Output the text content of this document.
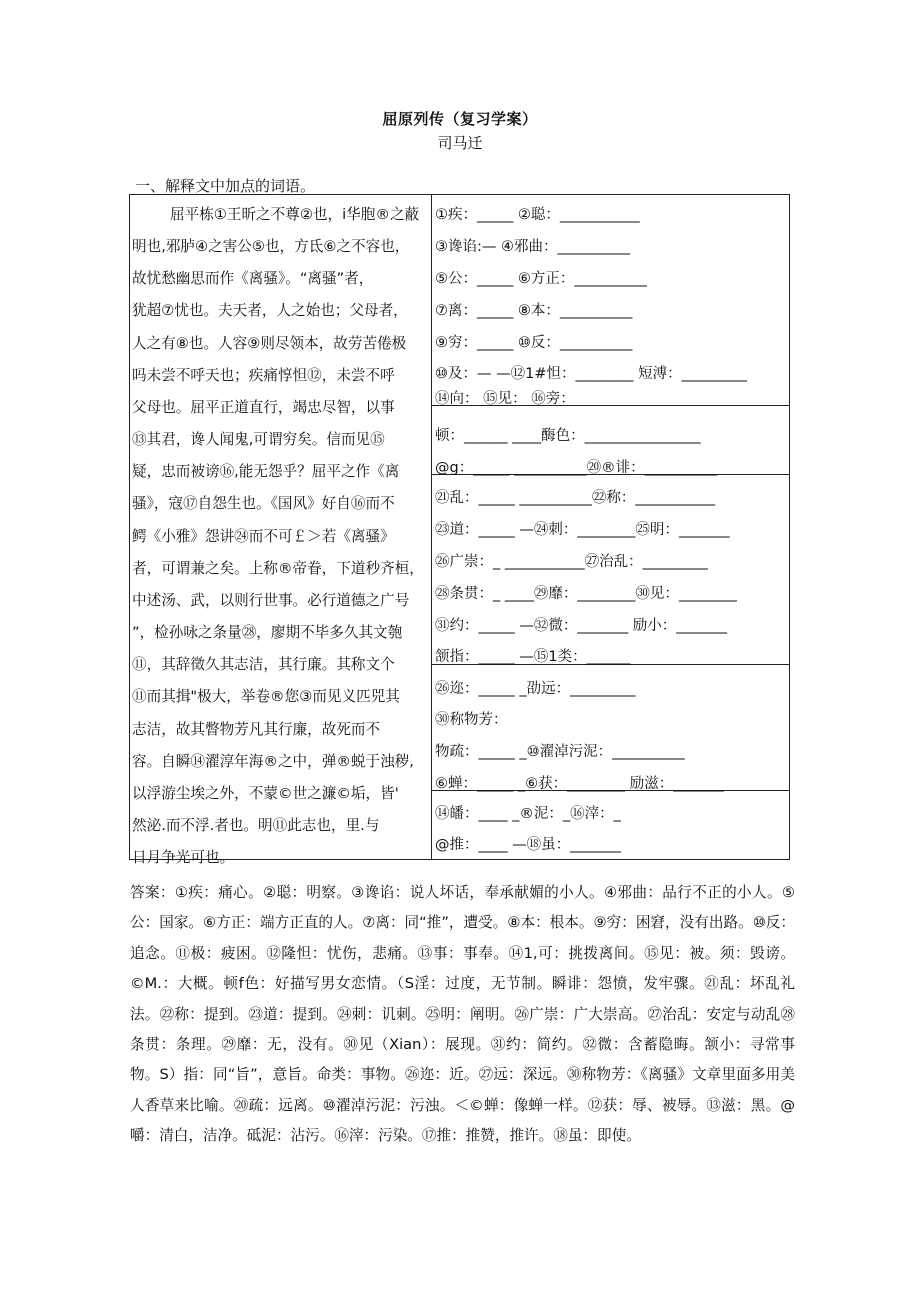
屈原列传（复习学案）
司马迁
一、解释文中加点的词语。
屈平栋①王昕之不尊②也，i华胞®之蔽
明也,邪胪④之害公⑤也，方氐⑥之不容也，
故忧愁幽思而作《离骚》。“离骚”者，
犹超⑦忧也。夫天者，人之始也；父母者，
人之有⑧也。人容⑨则尽领本，故劳苦倦极
吗未尝不呼天也；疾痛惇怛⑫，未尝不呼
父母也。屈平正道直行，竭忠尽智，以事
⑬其君，谗人闻鬼,可谓穷矣。信而见⑮
疑，忠而被谤⑯,能无怨乎？屈平之作《离
骚》，寇⑰自怨生也。《国风》好自⑯而不
鳄《小雅》怨讲㉔而不可￡＞若《离骚》
者，可谓兼之矣。上称®帝眷，下道秒齐桓，
中述汤、武，以则行世事。必行道德之广号
”，检孙咏之条量㉘，廖期不毕多久其文匏
⑪，其辞徵久其志洁，其行廉。其称文个
⑪而其揖"极大，举卷®您③而见义匹兕其
志洁，故其瞥物芳凡其行廉，故死而不
容。自瞬⑭濯淳年海®之中，弹®蜕于浊秽,
以浮游尘埃之外，不蒙©世之濂©垢，皆'
然泌.而不浮.者也。明⑪此志也，里.与
日月争光可也。
①疾：_____ ②聪：___________
③谗谄:— ④邪曲：__________
⑤公：_____ ⑥方正：__________
⑦离：_____ ⑧本：__________
⑨穷：_____ ⑩反：__________
⑩及：— —⑫1#怛：________ 短溥：_________
⑭向： ⑮见： ⑯旁：
顿：______ ____酶色：________________
@g：_____ __________⑳®诽：__________
㉑乱：_____ __________㉒称：___________
㉓道：_____ —㉔刺：________㉕明：_______
㉖广崇：_ ___________㉗治乱：_________
㉘条贯：_ ____㉙靡：________㉚见：________
㉛约：_____ —㉜微：_______ 励小：_______
颔指：_____ —⑮1类：______
㉖迩：_____ _劭远：_________
㉚称物芳：
物疏：_____ _⑩濯淖污泥：__________
⑥蝉：_____ _⑥获：________ 励滋：_______
⑭皤：____ _®泥：_⑯滓：_
@推：____ —⑱虽：_______
答案：①疾：痛心。②聪：明察。③谗谄：说人坏话，奉承献媚的小人。④邪曲：品行不正的小人。⑤公：国家。⑥方正：端方正直的人。⑦离：同“推”，遭受。⑧本：根本。⑨穷：困窘，没有出路。⑩反：追念。⑪极：疲困。⑫隆怛：忧伤，悲痛。⑬事：事奉。⑭1,可：挑拨离间。⑮见：被。须：毁谤。©M.：大概。顿f色：好描写男女恋情。（S淫：过度，无节制。瞬诽：怨愤，发牢骤。㉑乱：坏乱礼法。㉒称：提到。㉓道：提到。㉔刺：讥刺。㉕明：阐明。㉖广崇：广大崇高。㉗治乱：安定与动乱㉘条贯：条理。㉙靡：无，没有。㉚见（Xian）：展现。㉛约：简约。㉜微：含蓄隐晦。颔小：寻常事物。S）指：同“旨”，意旨。命类：事物。㉖迩：近。㉗远：深远。㉚称物芳：《离骚》文章里面多用美人香草来比喻。⑳疏：远离。⑩濯淖污泥：污浊。＜©蝉：像蝉一样。⑫获：辱、被辱。⑬滋：黑。@嚼：清白，洁净。砥泥：沾污。⑯滓：污染。⑰推：推赞，推许。⑱虽：即使。
